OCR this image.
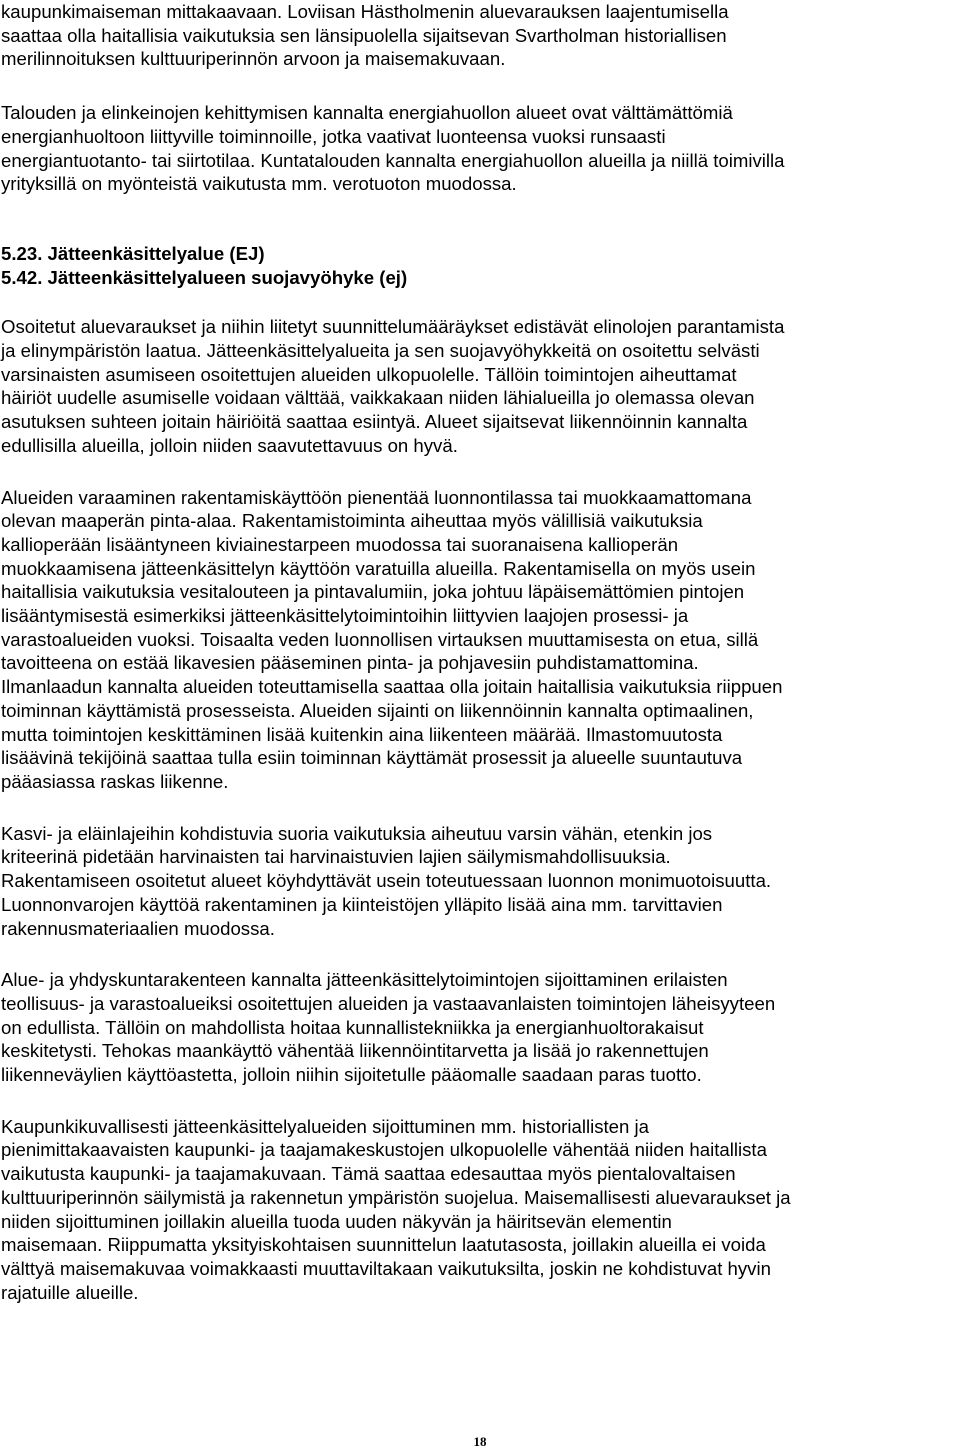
kaupunkimaiseman mittakaavaan. Loviisan Hästholmenin aluevarauksen laajentumisella
saattaa olla haitallisia vaikutuksia sen länsipuolella sijaitsevan Svartholman historiallisen
merilinnoituksen kulttuuriperinnön arvoon ja maisemakuvaan.

Talouden ja elinkeinojen kehittymisen kannalta energiahuollon alueet ovat välttämättömiä
energianhuoltoon liittyville toiminnoille, jotka vaativat luonteensa vuoksi runsaasti
energiantuotanto- tai siirtotilaa. Kuntatalouden kannalta energiahuollon alueilla ja niillä toimivilla
yrityksillä on myönteistä vaikutusta mm. verotuoton muodossa.

5.23. Jätteenkäsittelyalue (EJ)
5.42. Jätteenkäsittelyalueen suojavyöhyke (ej)

Osoitetut aluevaraukset ja niihin liitetyt suunnittelumääräykset edistävät elinolojen parantamista
ja elinympäristön laatua. Jätteenkäsittelyalueita ja sen suojavyöhykkeitä on osoitettu selvästi
varsinaisten asumiseen osoitettujen alueiden ulkopuolelle. Tällöin toimintojen aiheuttamat
häiriöt uudelle asumiselle voidaan välttää, vaikkakaan niiden lähialueilla jo olemassa olevan
asutuksen suhteen joitain häiriöitä saattaa esiintyä. Alueet sijaitsevat liikennöinnin kannalta
edullisilla alueilla, jolloin niiden saavutettavuus on hyvä.

Alueiden varaaminen rakentamiskäyttöön pienentää luonnontilassa tai muokkaamattomana
olevan maaperän pinta-alaa. Rakentamistoiminta aiheuttaa myös välillisiä vaikutuksia
kallioperään lisääntyneen kiviainestarpeen muodossa tai suoranaisena kallioperän
muokkaamisena jätteenkäsittelyn käyttöön varatuilla alueilla. Rakentamisella on myös usein
haitallisia vaikutuksia vesitalouteen ja pintavalumiin, joka johtuu läpäisemättömien pintojen
lisääntymisestä esimerkiksi jätteenkäsittelytoimintoihin liittyvien laajojen prosessi- ja
varastoalueiden vuoksi. Toisaalta veden luonnollisen virtauksen muuttamisesta on etua, sillä
tavoitteena on estää likavesien pääseminen pinta- ja pohjavesiin puhdistamattomina.
Ilmanlaadun kannalta alueiden toteuttamisella saattaa olla joitain haitallisia vaikutuksia riippuen
toiminnan käyttämistä prosesseista. Alueiden sijainti on liikennöinnin kannalta optimaalinen,
mutta toimintojen keskittäminen lisää kuitenkin aina liikenteen määrää. Ilmastomuutosta
lisäävinä tekijöinä saattaa tulla esiin toiminnan käyttämät prosessit ja alueelle suuntautuva
pääasiassa raskas liikenne.

Kasvi- ja eläinlajeihin kohdistuvia suoria vaikutuksia aiheutuu varsin vähän, etenkin jos
kriteerinä pidetään harvinaisten tai harvinaistuvien lajien säilymismahdollisuuksia.
Rakentamiseen osoitetut alueet köyhdyttävät usein toteutuessaan luonnon monimuotoisuutta.
Luonnonvarojen käyttöä rakentaminen ja kiinteistöjen ylläpito lisää aina mm. tarvittavien
rakennusmateriaalien muodossa.

Alue- ja yhdyskuntarakenteen kannalta jätteenkäsittelytoimintojen sijoittaminen erilaisten
teollisuus- ja varastoalueiksi osoitettujen alueiden ja vastaavanlaisten toimintojen läheisyyteen
on edullista. Tällöin on mahdollista hoitaa kunnallistekniikka ja energianhuoltorakaisut
keskitetysti. Tehokas maankäyttö vähentää liikennöintitarvetta ja lisää jo rakennettujen
liikenneväylien käyttöastetta, jolloin niihin sijoitetulle pääomalle saadaan paras tuotto.

Kaupunkikuvallisesti jätteenkäsittelyalueiden sijoittuminen mm. historiallisten ja
pienimittakaavaisten kaupunki- ja taajamakeskustojen ulkopuolelle vähentää niiden haitallista
vaikutusta kaupunki- ja taajamakuvaan. Tämä saattaa edesauttaa myös pientalovaltaisen
kulttuuriperinnön säilymistä ja rakennetun ympäristön suojelua. Maisemallisesti aluevaraukset ja
niiden sijoittuminen joillakin alueilla tuoda uuden näkyvän ja häiritsevän elementin
maisemaan. Riippumatta yksityiskohtaisen suunnittelun laatutasosta, joillakin alueilla ei voida
välttyä maisemakuvaa voimakkaasti muuttaviltakaan vaikutuksilta, joskin ne kohdistuvat hyvin
rajatuille alueille.

18
